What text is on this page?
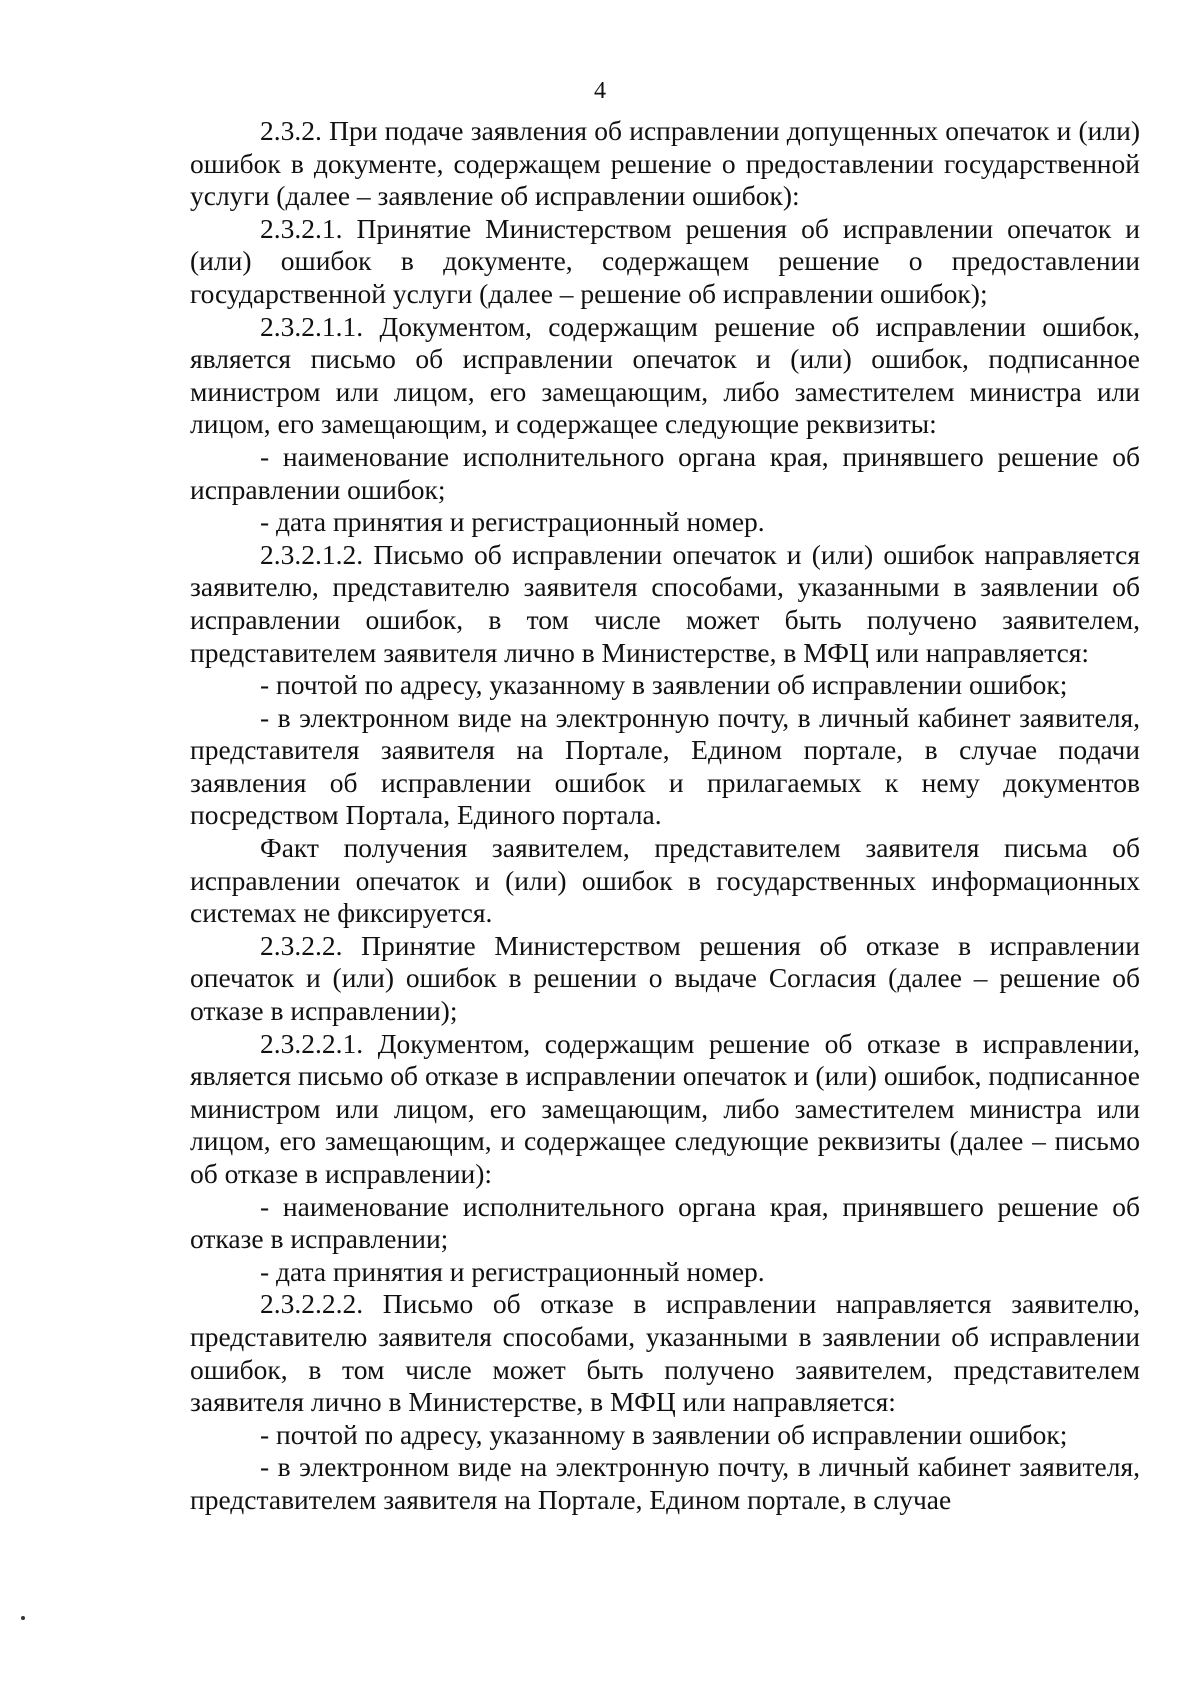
4

2.3.2. При подаче заявления об исправлении допущенных опечаток и (или) ошибок в документе, содержащем решение о предоставлении государственной услуги (далее – заявление об исправлении ошибок):

2.3.2.1. Принятие Министерством решения об исправлении опечаток и (или) ошибок в документе, содержащем решение о предоставлении государственной услуги (далее – решение об исправлении ошибок);

2.3.2.1.1. Документом, содержащим решение об исправлении ошибок, является письмо об исправлении опечаток и (или) ошибок, подписанное министром или лицом, его замещающим, либо заместителем министра или лицом, его замещающим, и содержащее следующие реквизиты:

- наименование исполнительного органа края, принявшего решение об исправлении ошибок;

- дата принятия и регистрационный номер.

2.3.2.1.2. Письмо об исправлении опечаток и (или) ошибок направляется заявителю, представителю заявителя способами, указанными в заявлении об исправлении ошибок, в том числе может быть получено заявителем, представителем заявителя лично в Министерстве, в МФЦ или направляется:

- почтой по адресу, указанному в заявлении об исправлении ошибок;

- в электронном виде на электронную почту, в личный кабинет заявителя, представителя заявителя на Портале, Едином портале, в случае подачи заявления об исправлении ошибок и прилагаемых к нему документов посредством Портала, Единого портала.

Факт получения заявителем, представителем заявителя письма об исправлении опечаток и (или) ошибок в государственных информационных системах не фиксируется.

2.3.2.2. Принятие Министерством решения об отказе в исправлении опечаток и (или) ошибок в решении о выдаче Согласия (далее – решение об отказе в исправлении);

2.3.2.2.1. Документом, содержащим решение об отказе в исправлении, является письмо об отказе в исправлении опечаток и (или) ошибок, подписанное министром или лицом, его замещающим, либо заместителем министра или лицом, его замещающим, и содержащее следующие реквизиты (далее – письмо об отказе в исправлении):

- наименование исполнительного органа края, принявшего решение об отказе в исправлении;

- дата принятия и регистрационный номер.

2.3.2.2.2. Письмо об отказе в исправлении направляется заявителю, представителю заявителя способами, указанными в заявлении об исправлении ошибок, в том числе может быть получено заявителем, представителем заявителя лично в Министерстве, в МФЦ или направляется:

- почтой по адресу, указанному в заявлении об исправлении ошибок;

- в электронном виде на электронную почту, в личный кабинет заявителя, представителем заявителя на Портале, Едином портале, в случае
